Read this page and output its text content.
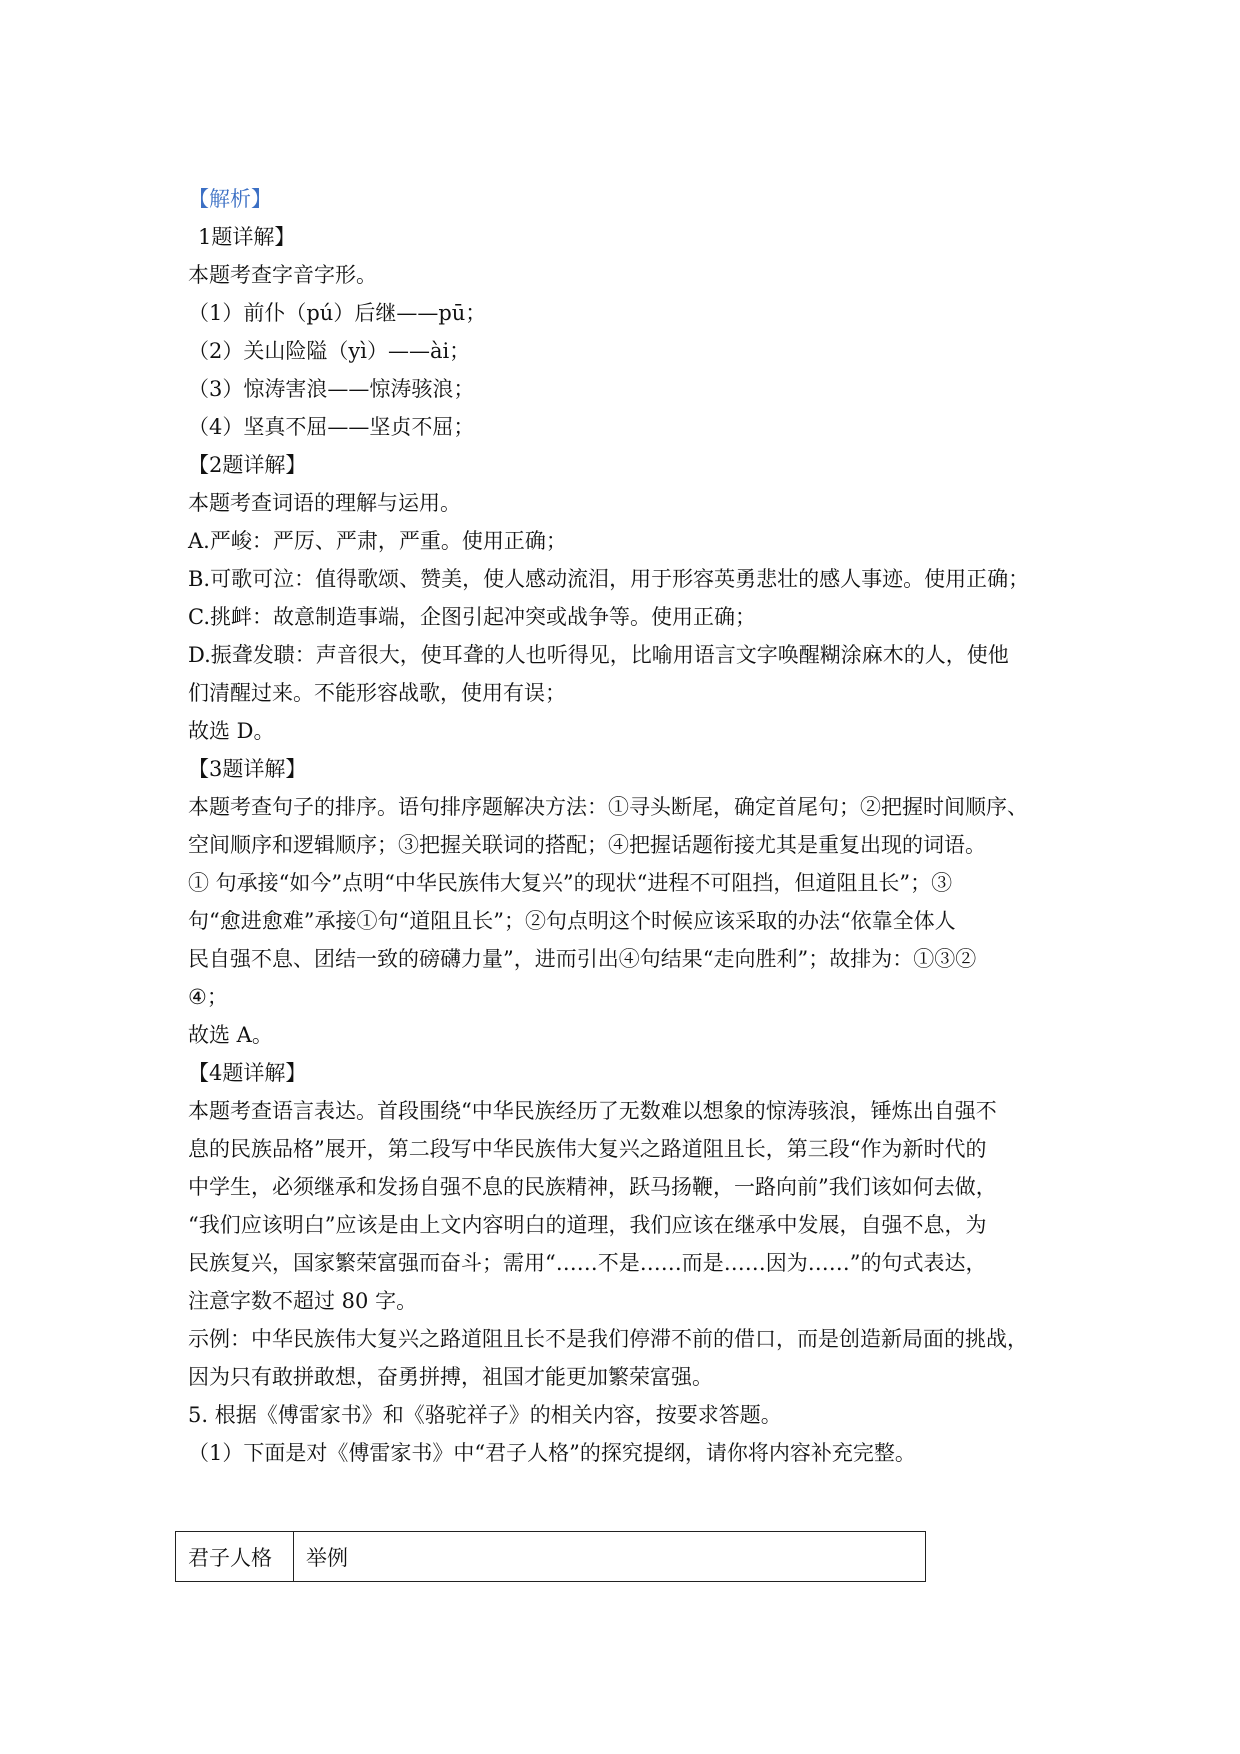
【解析】
1题详解】
本题考查字音字形。
（1）前仆（pú）后继——pū；
（2）关山险隘（yì）——ài；
（3）惊涛害浪——惊涛骇浪；
（4）坚真不屈——坚贞不屈；
【2题详解】
本题考查词语的理解与运用。
A.严峻：严厉、严肃，严重。使用正确；
B.可歌可泣：值得歌颂、赞美，使人感动流泪，用于形容英勇悲壮的感人事迹。使用正确；
C.挑衅：故意制造事端，企图引起冲突或战争等。使用正确；
D.振聋发聩：声音很大，使耳聋的人也听得见，比喻用语言文字唤醒糊涂麻木的人，使他
们清醒过来。不能形容战歌，使用有误；
故选 D。
【3题详解】
本题考查句子的排序。语句排序题解决方法：①寻头断尾，确定首尾句；②把握时间顺序、
空间顺序和逻辑顺序；③把握关联词的搭配；④把握话题衔接尤其是重复出现的词语。
① 句承接“如今”点明“中华民族伟大复兴”的现状“进程不可阻挡，但道阻且长”；③
句“愈进愈难”承接①句“道阻且长”；②句点明这个时候应该采取的办法“依靠全体人
民自强不息、团结一致的磅礴力量”，进而引出④句结果“走向胜利”；故排为：①③②
④；
故选 A。
【4题详解】
本题考查语言表达。首段围绕“中华民族经历了无数难以想象的惊涛骇浪，锤炼出自强不
息的民族品格”展开，第二段写中华民族伟大复兴之路道阻且长，第三段“作为新时代的
中学生，必须继承和发扬自强不息的民族精神，跃马扬鞭，一路向前”我们该如何去做，
“我们应该明白”应该是由上文内容明白的道理，我们应该在继承中发展，自强不息，为
民族复兴，国家繁荣富强而奋斗；需用“……不是……而是……因为……”的句式表达，
注意字数不超过 80 字。
示例：中华民族伟大复兴之路道阻且长不是我们停滞不前的借口，而是创造新局面的挑战，
因为只有敢拼敢想，奋勇拼搏，祖国才能更加繁荣富强。
5. 根据《傅雷家书》和《骆驼祥子》的相关内容，按要求答题。
（1）下面是对《傅雷家书》中“君子人格”的探究提纲，请你将内容补充完整。
君子人格	举例
